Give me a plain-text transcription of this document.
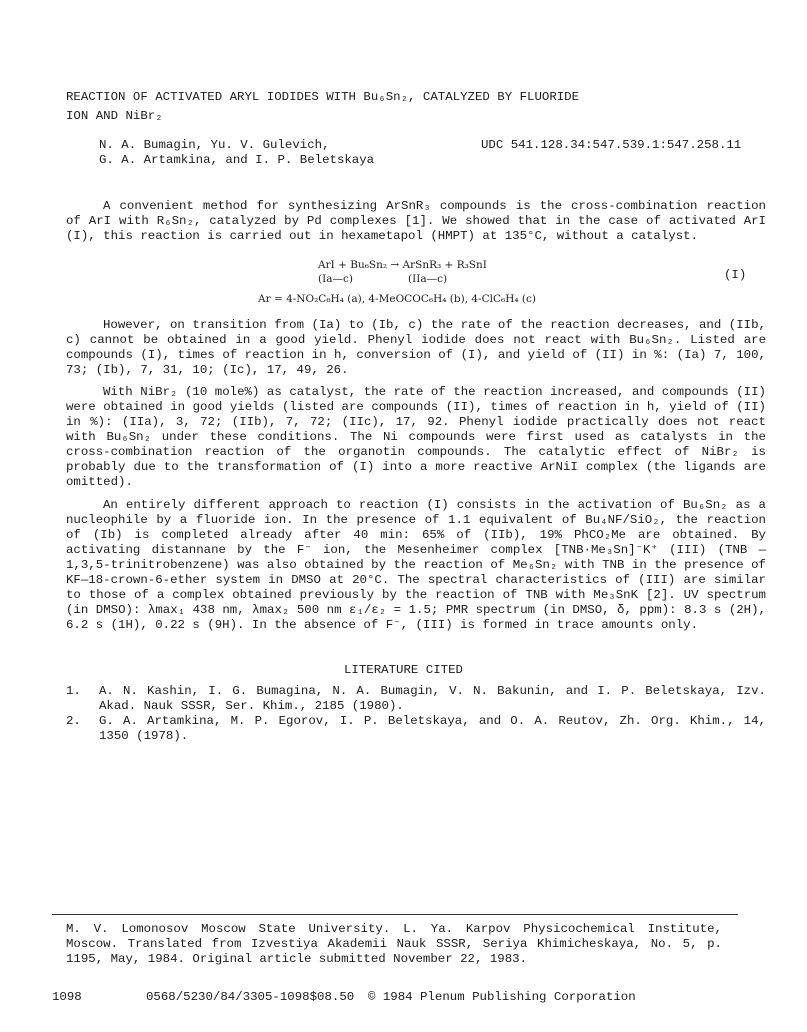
REACTION OF ACTIVATED ARYL IODIDES WITH Bu₆Sn₂, CATALYZED BY FLUORIDE
ION AND NiBr₂
N. A. Bumagin, Yu. V. Gulevich,
G. A. Artamkina, and I. P. Beletskaya
UDC 541.128.34:547.539.1:547.258.11

A convenient method for synthesizing ArSnR₃ compounds is the cross-combination reaction of ArI with R₆Sn₂, catalyzed by Pd complexes [1]. We showed that in the case of activated ArI (I), this reaction is carried out in hexametapol (HMPT) at 135°C, without a catalyst.

ArI + Bu₆Sn₂ → ArSnR₃ + R₃SnI
(Ia—c)	(IIa—c)	(I)
Ar = 4-NO₂C₆H₄ (a), 4-MeOCOC₆H₄ (b), 4-ClC₆H₄ (c)

However, on transition from (Ia) to (Ib, c) the rate of the reaction decreases, and (IIb, c) cannot be obtained in a good yield. Phenyl iodide does not react with Bu₆Sn₂. Listed are compounds (I), times of reaction in h, conversion of (I), and yield of (II) in %: (Ia) 7, 100, 73; (Ib), 7, 31, 10; (Ic), 17, 49, 26.

With NiBr₂ (10 mole%) as catalyst, the rate of the reaction increased, and compounds (II) were obtained in good yields (listed are compounds (II), times of reaction in h, yield of (II) in %): (IIa), 3, 72; (IIb), 7, 72; (IIc), 17, 92. Phenyl iodide practically does not react with Bu₆Sn₂ under these conditions. The Ni compounds were first used as catalysts in the cross-combination reaction of the organotin compounds. The catalytic effect of NiBr₂ is probably due to the transformation of (I) into a more reactive ArNiI complex (the ligands are omitted).

An entirely different approach to reaction (I) consists in the activation of Bu₆Sn₂ as a nucleophile by a fluoride ion. In the presence of 1.1 equivalent of Bu₄NF/SiO₂, the reaction of (Ib) is completed already after 40 min: 65% of (IIb), 19% PhCO₂Me are obtained. By activating distannane by the F⁻ ion, the Mesenheimer complex [TNB·Me₃Sn]⁻K⁺ (III) (TNB — 1,3,5-trinitrobenzene) was also obtained by the reaction of Me₆Sn₂ with TNB in the presence of KF—18-crown-6-ether system in DMSO at 20°C. The spectral characteristics of (III) are similar to those of a complex obtained previously by the reaction of TNB with Me₃SnK [2]. UV spectrum (in DMSO): λmax₁ 438 nm, λmax₂ 500 nm ε₁/ε₂ = 1.5; PMR spectrum (in DMSO, δ, ppm): 8.3 s (2H), 6.2 s (1H), 0.22 s (9H). In the absence of F⁻, (III) is formed in trace amounts only.

LITERATURE CITED
1.	A. N. Kashin, I. G. Bumagina, N. A. Bumagin, V. N. Bakunin, and I. P. Beletskaya, Izv. Akad. Nauk SSSR, Ser. Khim., 2185 (1980).
2.	G. A. Artamkina, M. P. Egorov, I. P. Beletskaya, and O. A. Reutov, Zh. Org. Khim., 14, 1350 (1978).
M. V. Lomonosov Moscow State University. L. Ya. Karpov Physicochemical Institute, Moscow. Translated from Izvestiya Akademii Nauk SSSR, Seriya Khimicheskaya, No. 5, p. 1195, May, 1984. Original article submitted November 22, 1983.
1098	0568/5230/84/3305-1098$08.50 © 1984 Plenum Publishing Corporation
